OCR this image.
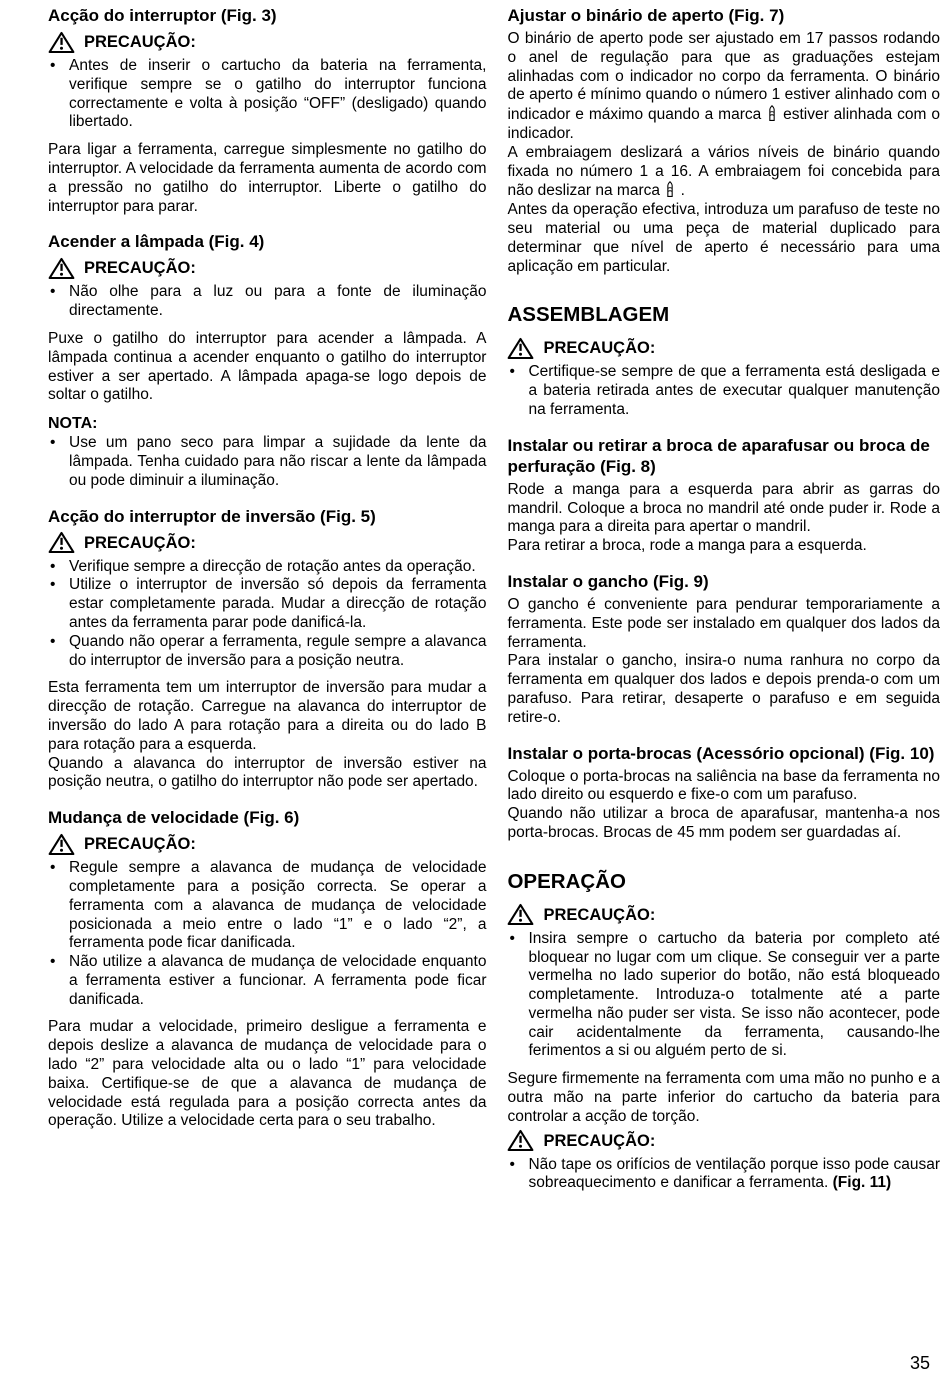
Acção do interruptor (Fig. 3)
PRECAUÇÃO:
• Antes de inserir o cartucho da bateria na ferramenta, verifique sempre se o gatilho do interruptor funciona correctamente e volta à posição “OFF” (desligado) quando libertado.

Para ligar a ferramenta, carregue simplesmente no gatilho do interruptor. A velocidade da ferramenta aumenta de acordo com a pressão no gatilho do interruptor. Liberte o gatilho do interruptor para parar.

Acender a lâmpada (Fig. 4)
PRECAUÇÃO:
• Não olhe para a luz ou para a fonte de iluminação directamente.

Puxe o gatilho do interruptor para acender a lâmpada. A lâmpada continua a acender enquanto o gatilho do interruptor estiver a ser apertado. A lâmpada apaga-se logo depois de soltar o gatilho.

NOTA:
• Use um pano seco para limpar a sujidade da lente da lâmpada. Tenha cuidado para não riscar a lente da lâmpada ou pode diminuir a iluminação.
Acção do interruptor de inversão (Fig. 5)
PRECAUÇÃO:
• Verifique sempre a direcção de rotação antes da operação.
• Utilize o interruptor de inversão só depois da ferramenta estar completamente parada. Mudar a direcção de rotação antes da ferramenta parar pode danificá-la.
• Quando não operar a ferramenta, regule sempre a alavanca do interruptor de inversão para a posição neutra.

Esta ferramenta tem um interruptor de inversão para mudar a direcção de rotação. Carregue na alavanca do interruptor de inversão do lado A para rotação para a direita ou do lado B para rotação para a esquerda.

Quando a alavanca do interruptor de inversão estiver na posição neutra, o gatilho do interruptor não pode ser apertado.

Mudança de velocidade (Fig. 6)
PRECAUÇÃO:
• Regule sempre a alavanca de mudança de velocidade completamente para a posição correcta. Se operar a ferramenta com a alavanca de mudança de velocidade posicionada a meio entre o lado “1” e o lado “2”, a ferramenta pode ficar danificada.
• Não utilize a alavanca de mudança de velocidade enquanto a ferramenta estiver a funcionar. A ferramenta pode ficar danificada.

Para mudar a velocidade, primeiro desligue a ferramenta e depois deslize a alavanca de mudança de velocidade para o lado “2” para velocidade alta ou o lado “1” para velocidade baixa. Certifique-se de que a alavanca de mudança de velocidade está regulada para a posição correcta antes da operação. Utilize a velocidade certa para o seu trabalho.

Ajustar o binário de aperto (Fig. 7)

O binário de aperto pode ser ajustado em 17 passos rodando o anel de regulação para que as graduações estejam alinhadas com o indicador no corpo da ferramenta. O binário de aperto é mínimo quando o número 1 estiver alinhado com o indicador e máximo quando a marca estiver alinhada com o indicador.

A embraiagem deslizará a vários níveis de binário quando fixada no número 1 a 16. A embraiagem foi concebida para não deslizar na marca .

Antes da operação efectiva, introduza um parafuso de teste no seu material ou uma peça de material duplicado para determinar que nível de aperto é necessário para uma aplicação em particular.

ASSEMBLAGEM
PRECAUÇÃO:
• Certifique-se sempre de que a ferramenta está desligada e a bateria retirada antes de executar qualquer manutenção na ferramenta.
Instalar ou retirar a broca de aparafusar ou broca de perfuração (Fig. 8)

Rode a manga para a esquerda para abrir as garras do mandril. Coloque a broca no mandril até onde puder ir. Rode a manga para a direita para apertar o mandril.

Para retirar a broca, rode a manga para a esquerda.

Instalar o gancho (Fig. 9)

O gancho é conveniente para pendurar temporariamente a ferramenta. Este pode ser instalado em qualquer dos lados da ferramenta.

Para instalar o gancho, insira-o numa ranhura no corpo da ferramenta em qualquer dos lados e depois prenda-o com um parafuso. Para retirar, desaperte o parafuso e em seguida retire-o.

Instalar o porta-brocas (Acessório opcional) (Fig. 10)

Coloque o porta-brocas na saliência na base da ferramenta no lado direito ou esquerdo e fixe-o com um parafuso.

Quando não utilizar a broca de aparafusar, mantenha-a nos porta-brocas. Brocas de 45 mm podem ser guardadas aí.

OPERAÇÃO
PRECAUÇÃO:
• Insira sempre o cartucho da bateria por completo até bloquear no lugar com um clique. Se conseguir ver a parte vermelha no lado superior do botão, não está bloqueado completamente. Introduza-o totalmente até a parte vermelha não puder ser vista. Se isso não acontecer, pode cair acidentalmente da ferramenta, causando-lhe ferimentos a si ou alguém perto de si.

Segure firmemente na ferramenta com uma mão no punho e a outra mão na parte inferior do cartucho da bateria para controlar a acção de torção.

PRECAUÇÃO:
• Não tape os orifícios de ventilação porque isso pode causar sobreaquecimento e danificar a ferramenta. (Fig. 11)
35
